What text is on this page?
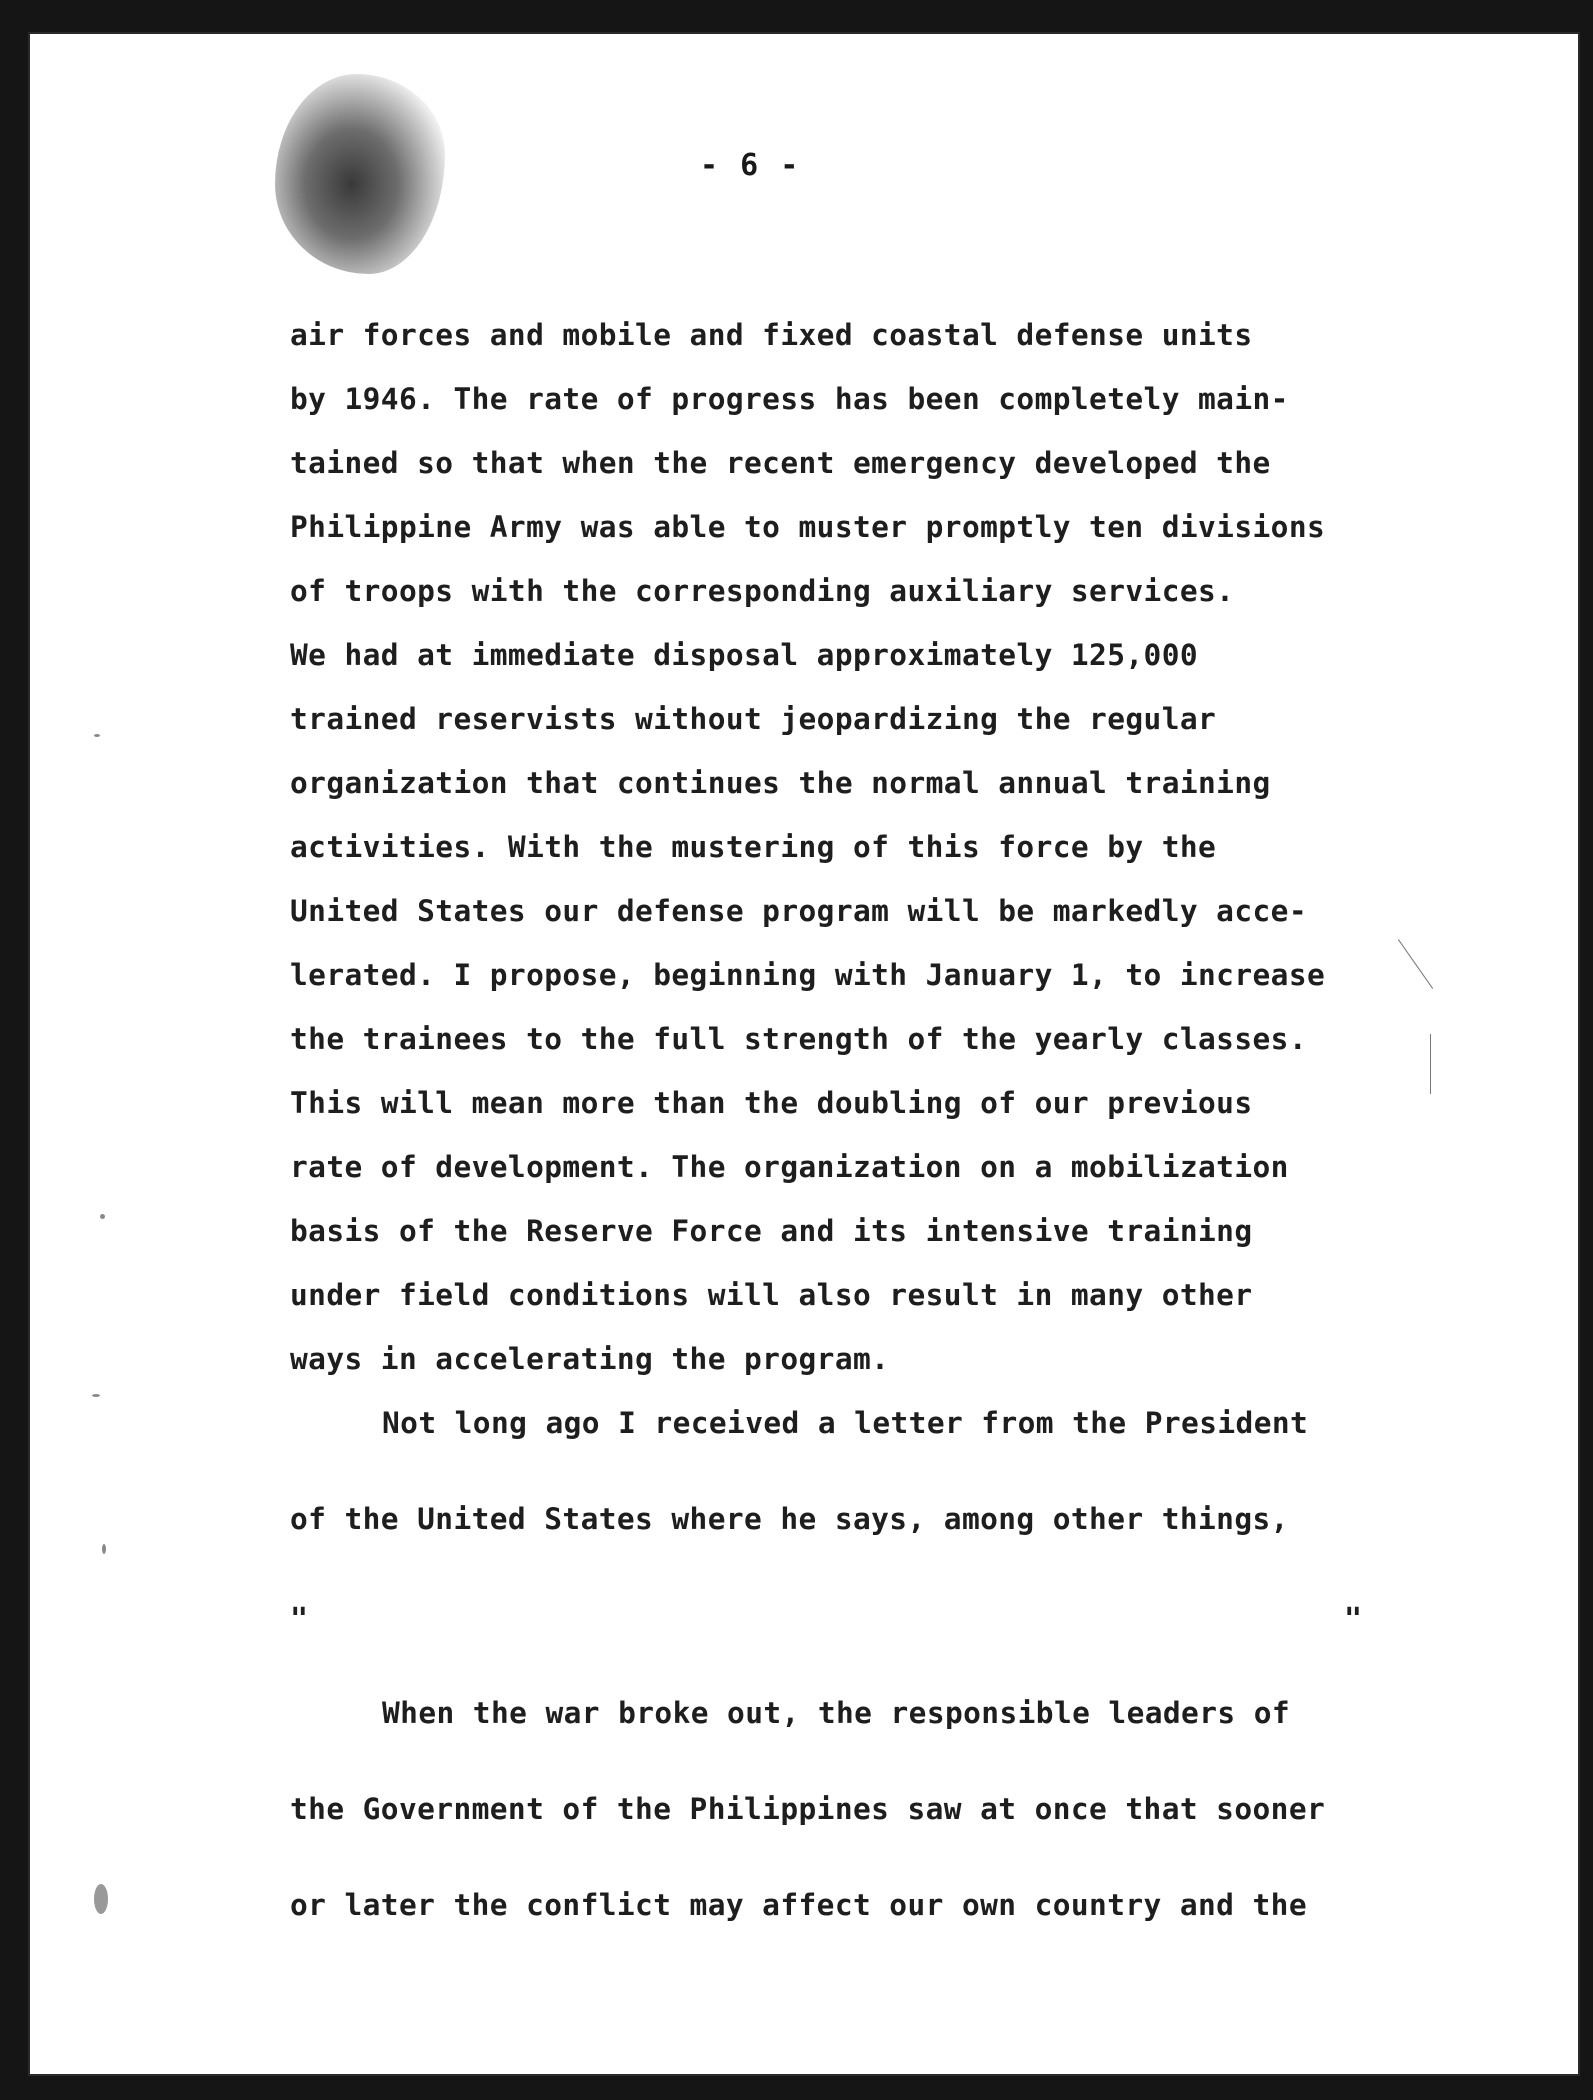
- 6 -
air forces and mobile and fixed coastal defense units
by 1946. The rate of progress has been completely main-
tained so that when the recent emergency developed the
Philippine Army was able to muster promptly ten divisions
of troops with the corresponding auxiliary services.
We had at immediate disposal approximately 125,000
trained reservists without jeopardizing the regular
organization that continues the normal annual training
activities. With the mustering of this force by the
United States our defense program will be markedly acce-
lerated. I propose, beginning with January 1, to increase
the trainees to the full strength of the yearly classes.
This will mean more than the doubling of our previous
rate of development. The organization on a mobilization
basis of the Reserve Force and its intensive training
under field conditions will also result in many other
ways in accelerating the program.
Not long ago I received a letter from the President
of the United States where he says, among other things,
"	"
When the war broke out, the responsible leaders of
the Government of the Philippines saw at once that sooner
or later the conflict may affect our own country and the
